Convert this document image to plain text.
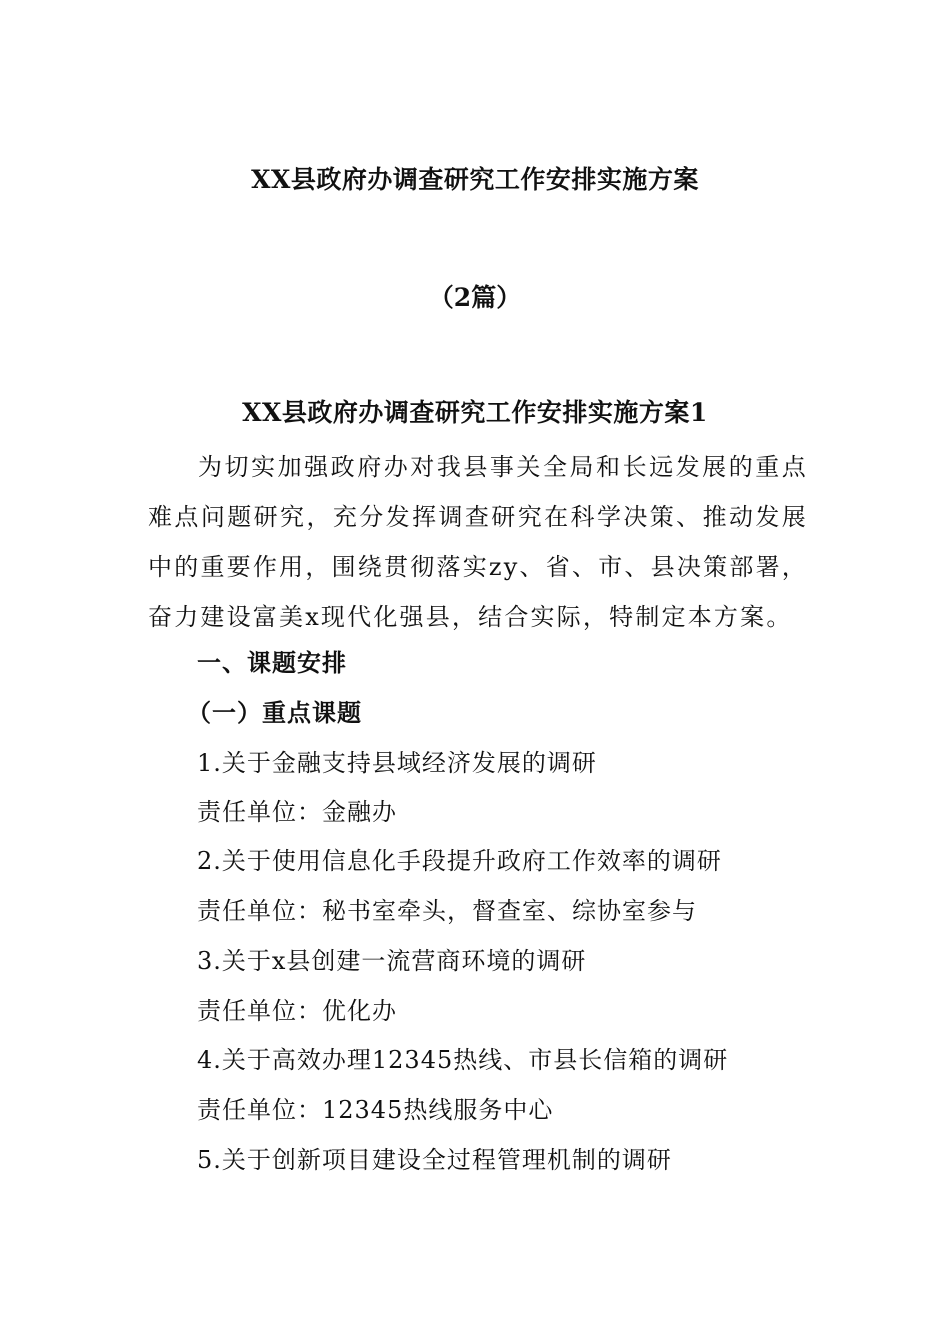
XX县政府办调查研究工作安排实施方案
（2篇）
XX县政府办调查研究工作安排实施方案1
为切实加强政府办对我县事关全局和长远发展的重点难点问题研究，充分发挥调查研究在科学决策、推动发展中的重要作用，围绕贯彻落实zy、省、市、县决策部署，奋力建设富美x现代化强县，结合实际，特制定本方案。
一、课题安排
（一）重点课题
1.关于金融支持县域经济发展的调研
责任单位：金融办
2.关于使用信息化手段提升政府工作效率的调研
责任单位：秘书室牵头，督查室、综协室参与
3.关于x县创建一流营商环境的调研
责任单位：优化办
4.关于高效办理12345热线、市县长信箱的调研
责任单位：12345热线服务中心
5.关于创新项目建设全过程管理机制的调研
